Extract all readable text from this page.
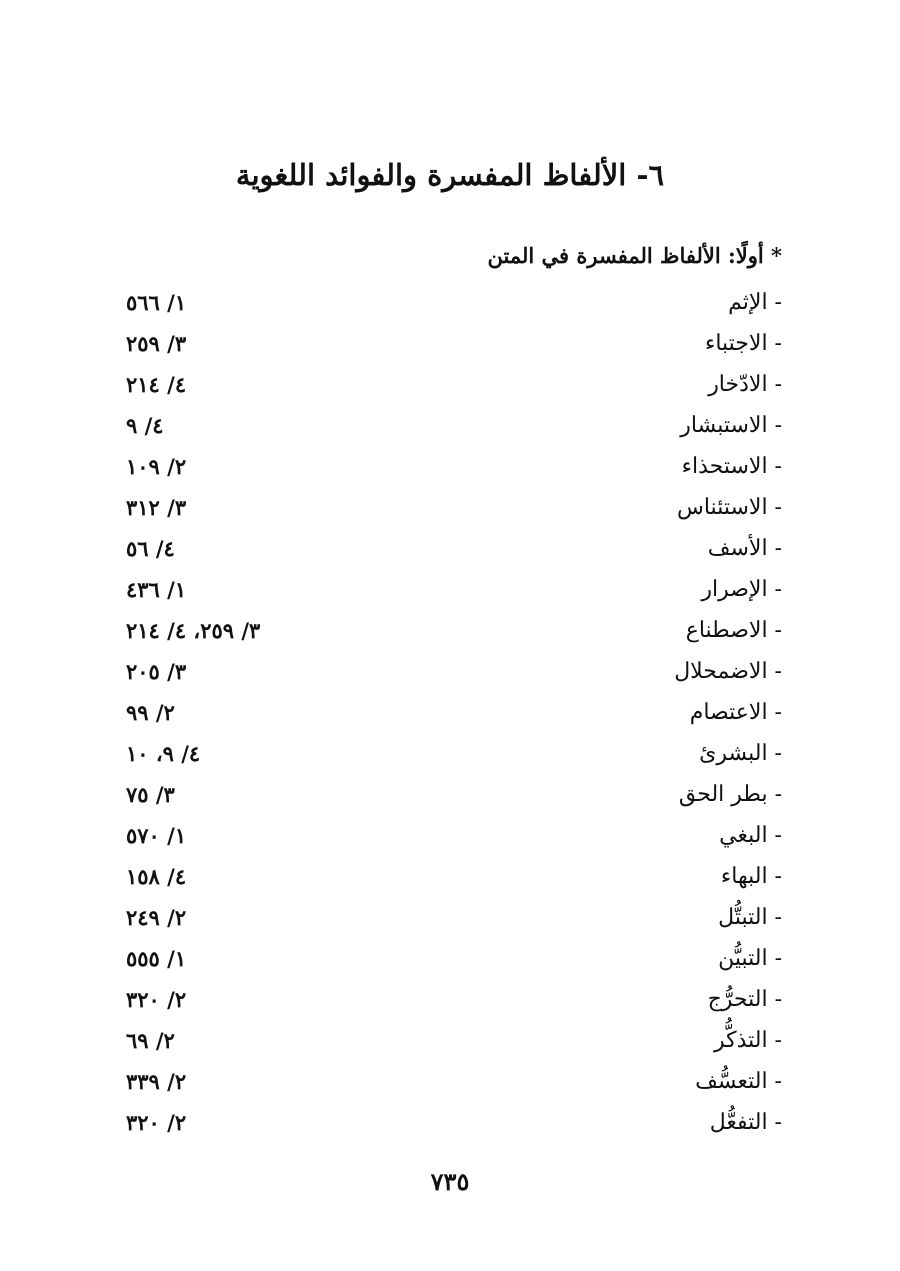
٦- الألفاظ المفسرة والفوائد اللغوية
* أولًا: الألفاظ المفسرة في المتن
- الإثم
١/ ٥٦٦
- الاجتباء
٣/ ٢٥٩
- الادّخار
٤/ ٢١٤
- الاستبشار
٤/ ٩
- الاستحذاء
٢/ ١٠٩
- الاستئناس
٣/ ٣١٢
- الأسف
٤/ ٥٦
- الإصرار
١/ ٤٣٦
- الاصطناع
٣/ ٢٥٩، ٤/ ٢١٤
- الاضمحلال
٣/ ٢٠٥
- الاعتصام
٢/ ٩٩
- البشرئ
٤/ ٩، ١٠
- بطر الحق
٣/ ٧٥
- البغي
١/ ٥٧٠
- البهاء
٤/ ١٥٨
- التبتُّل
٢/ ٢٤٩
- التبيُّن
١/ ٥٥٥
- التحرُّج
٢/ ٣٢٠
- التذكُّر
٢/ ٦٩
- التعسُّف
٢/ ٣٣٩
- التفعُّل
٢/ ٣٢٠
٧٣٥
